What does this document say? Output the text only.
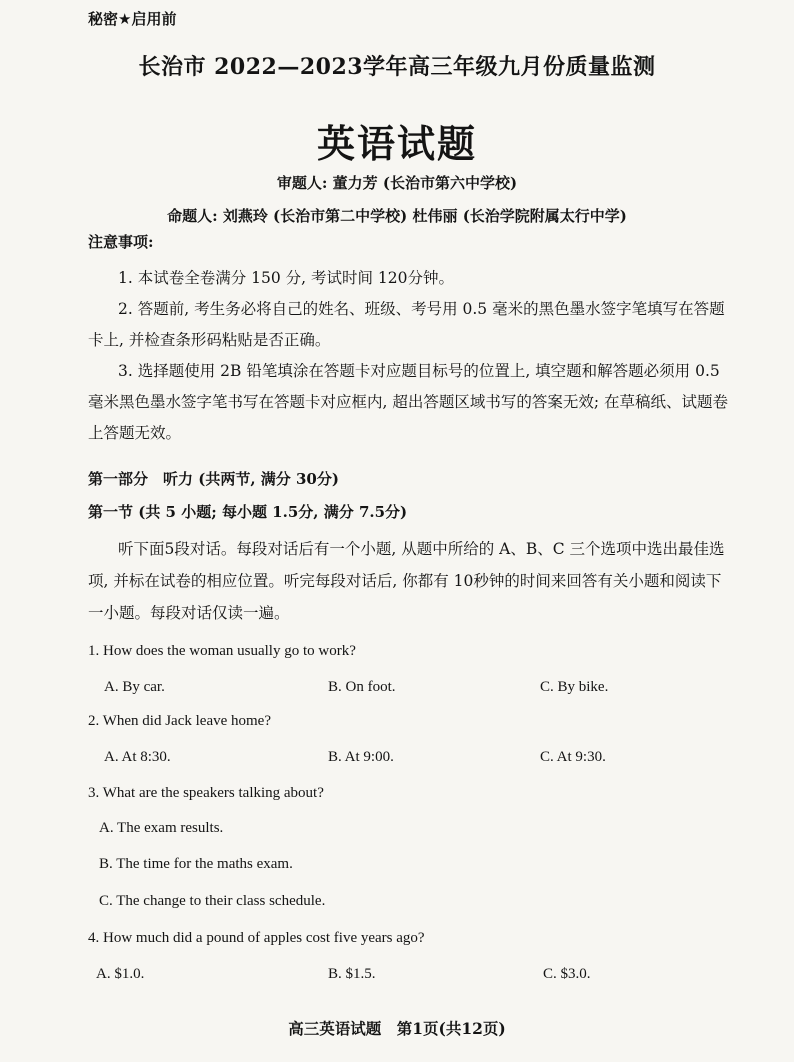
秘密★启用前
长治市 2022—2023学年高三年级九月份质量监测
英语试题
审题人: 董力芳 (长治市第六中学校)
命题人: 刘燕玲 (长治市第二中学校) 杜伟丽 (长治学院附属太行中学)
注意事项:
1. 本试卷全卷满分 150 分, 考试时间 120分钟。
2. 答题前, 考生务必将自己的姓名、班级、考号用 0.5 毫米的黑色墨水签字笔填写在答题卡上, 并检查条形码粘贴是否正确。
3. 选择题使用 2B 铅笔填涂在答题卡对应题目标号的位置上, 填空题和解答题必须用 0.5 毫米黑色墨水签字笔书写在答题卡对应框内, 超出答题区域书写的答案无效; 在草稿纸、试题卷上答题无效。
第一部分　听力 (共两节, 满分 30分)
第一节 (共 5 小题; 每小题 1.5分, 满分 7.5分)
听下面5段对话。每段对话后有一个小题, 从题中所给的 A、B、C 三个选项中选出最佳选项, 并标在试卷的相应位置。听完每段对话后, 你都有 10秒钟的时间来回答有关小题和阅读下一小题。每段对话仅读一遍。
1. How does the woman usually go to work?
A. By car.	B. On foot.	C. By bike.
2. When did Jack leave home?
A. At 8:30.	B. At 9:00.	C. At 9:30.
3. What are the speakers talking about?
A. The exam results.
B. The time for the maths exam.
C. The change to their class schedule.
4. How much did a pound of apples cost five years ago?
A. $1.0.	B. $1.5.	C. $3.0.
高三英语试题　第1页(共12页)
